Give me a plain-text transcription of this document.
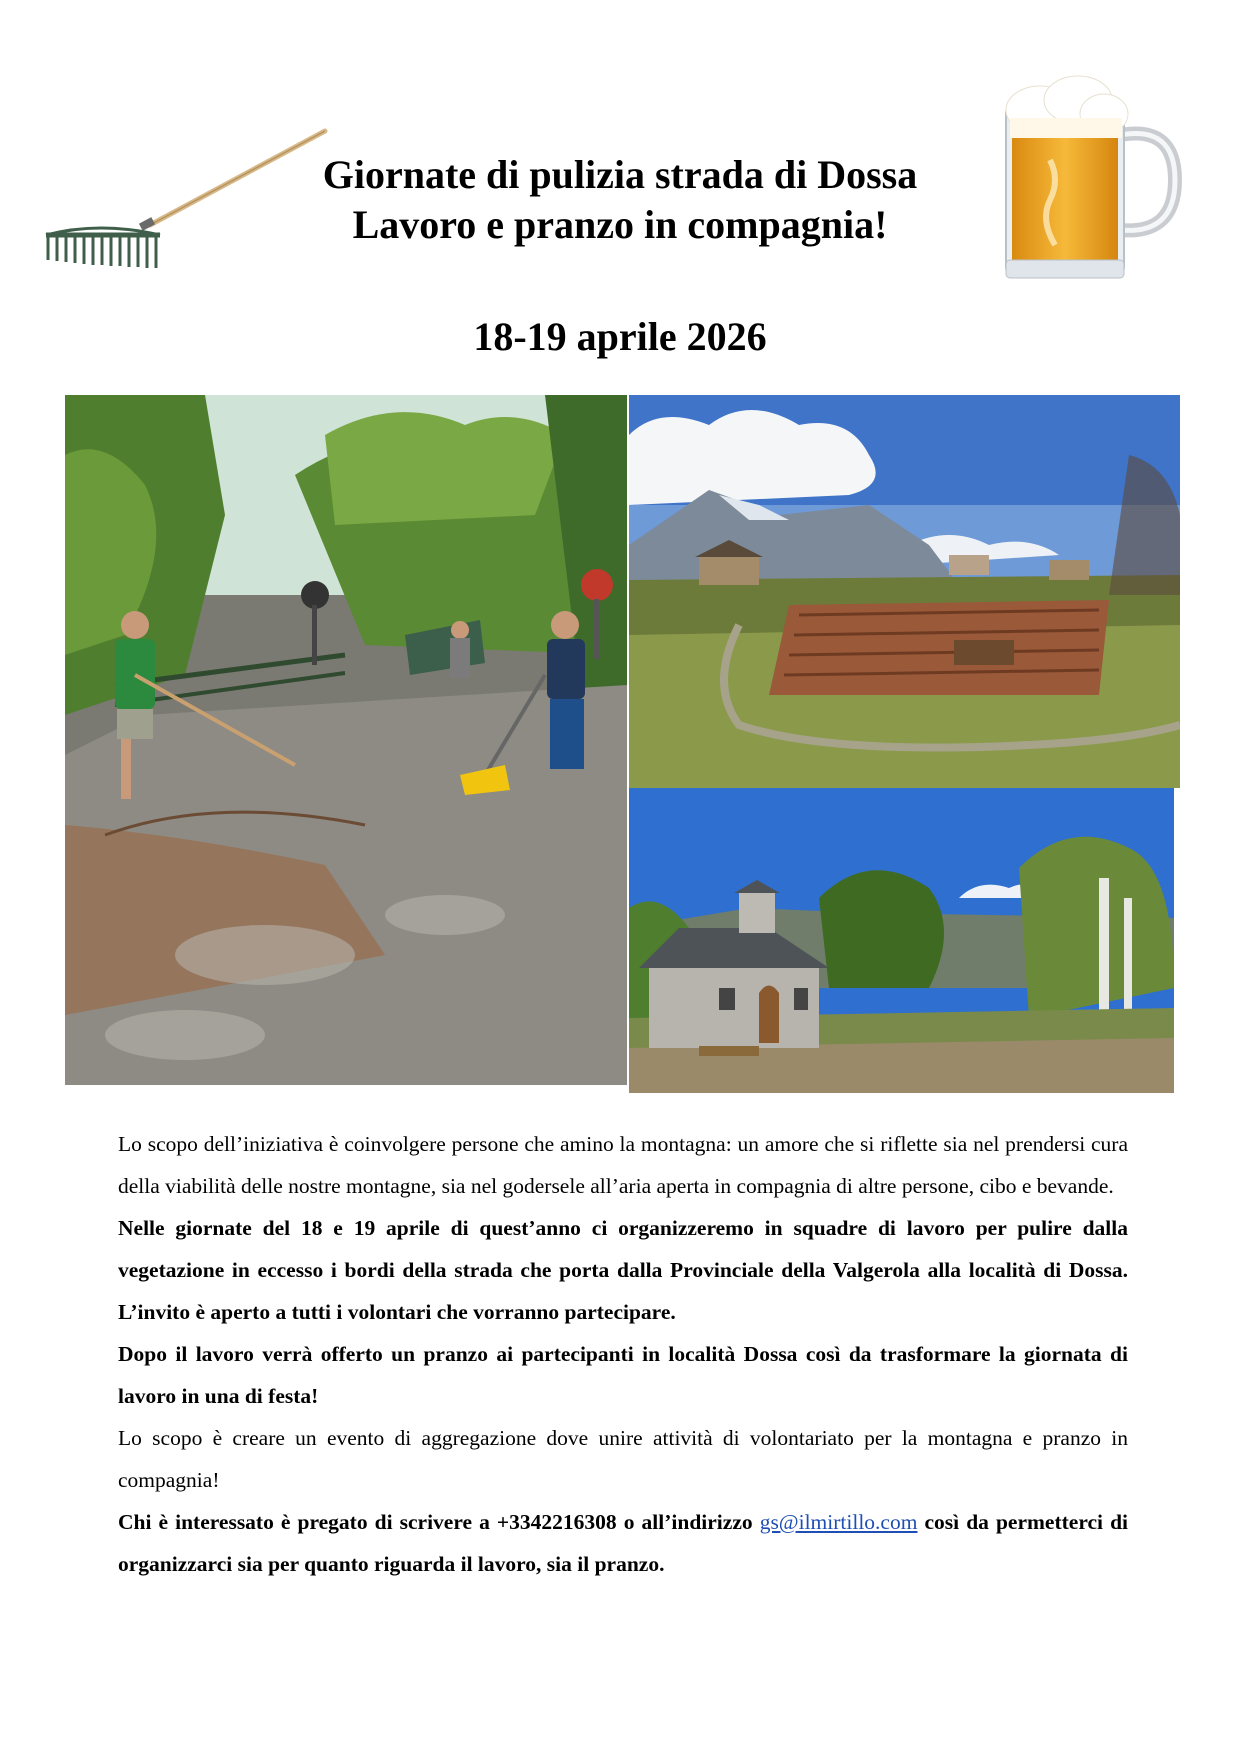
Giornate di pulizia strada di Dossa
Lavoro e pranzo in compagnia!
18-19 aprile 2026

Lo scopo dell’iniziativa è coinvolgere persone che amino la montagna: un amore che si riflette sia nel prendersi cura della viabilità delle nostre montagne, sia nel godersele all’aria aperta in compagnia di altre persone, cibo e bevande.

Nelle giornate del 18 e 19 aprile di quest’anno ci organizzeremo in squadre di lavoro per pulire dalla vegetazione in eccesso i bordi della strada che porta dalla Provinciale della Valgerola alla località di Dossa. L’invito è aperto a tutti i volontari che vorranno partecipare.

Dopo il lavoro verrà offerto un pranzo ai partecipanti in località Dossa così da trasformare la giornata di lavoro in una di festa!

Lo scopo è creare un evento di aggregazione dove unire attività di volontariato per la montagna e pranzo in compagnia!

Chi è interessato è pregato di scrivere a +3342216308 o all’indirizzo gs@ilmirtillo.com così da permetterci di organizzarci sia per quanto riguarda il lavoro, sia il pranzo.
